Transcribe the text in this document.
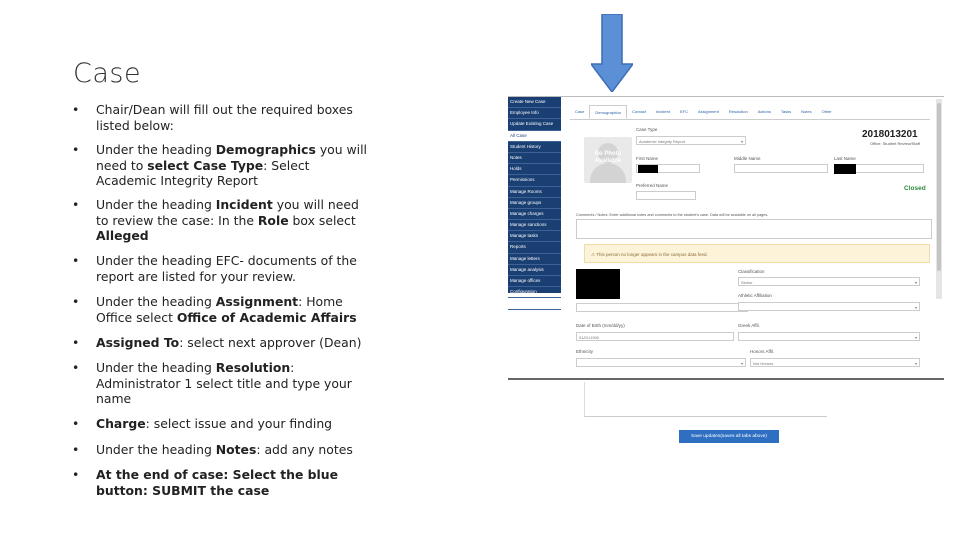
Case
• Chair/Dean will fill out the required boxes listed below:
• Under the heading Demographics you will need to select Case Type: Select Academic Integrity Report
• Under the heading Incident you will need to review the case: In the Role box select Alleged
• Under the heading EFC- documents of the report are listed for your review.
• Under the heading Assignment: Home Office select Office of Academic Affairs
• Assigned To: select next approver (Dean)
• Under the heading Resolution: Administrator 1 select title and type your name
• Charge: select issue and your finding
• Under the heading Notes: add any notes
• At the end of case: Select the blue button: SUBMIT the case
Create New Case
Employee Info
Update Existing Case
All Case
Student History
Notes
Holds
Permissions
Manage Rooms
Manage groups
Manage charges
Manage sanctions
Manage tasks
Reports
Manage letters
Manage analysis
Manage offices
Configuration
Exit
Case	Demographics	Contact	Incident	EFC	Assignment	Resolution	Actions	Tasks	Notes	Other
No Photo Available
Case Type
Academic Integrity Report	▾
2018013201
Office: Student Review/Staff
First Name	Middle Name	Last Name
Preferred Name	Closed
Comments / Notes: Enter additional notes and comments to the student's case. Data will be available on all pages.
⚠ This person no longer appears in the campus data feed.
Classification
Senior	▾
Athletic Affiliation
▾
Date of Birth (mm/dd/yy)
01/01/1900
Greek Affil.
▾
Ethnicity
▾
Honors Affil.
Not Honors	▾
Save updates(saves all tabs above)
